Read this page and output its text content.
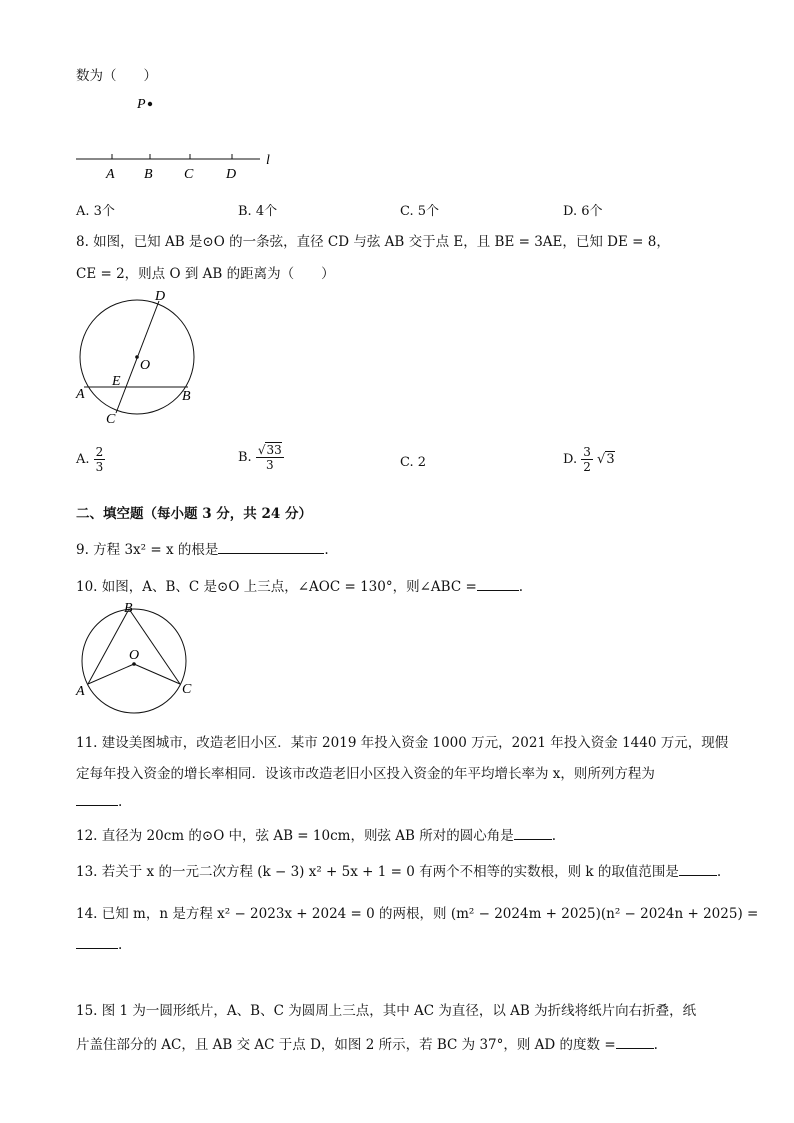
数为（　　）
P
l
A B C D
A. 3个	B. 4个	C. 5个	D. 6个
8. 如图，已知 AB 是⊙O 的一条弦，直径 CD 与弦 AB 交于点 E，且 BE = 3AE，已知 DE = 8，
CE = 2，则点 O 到 AB 的距离为（　　）
D
O
E
A	B
C
A. $\frac{2}{3}$	B. $\frac{√33}{3}$	C. 2	D. $\frac{3}{2} √3$
二、填空题（每小题 3 分，共 24 分）
9. 方程 3x² = x 的根是	.
10. 如图，A、B、C 是⊙O 上三点，∠AOC = 130°，则∠ABC =	.
B
O
A	C
11. 建设美图城市，改造老旧小区．某市 2019 年投入资金 1000 万元，2021 年投入资金 1440 万元，现假
定每年投入资金的增长率相同．设该市改造老旧小区投入资金的年平均增长率为 x，则所列方程为
.
12. 直径为 20cm 的⊙O 中，弦 AB = 10cm，则弦 AB 所对的圆心角是	.
13. 若关于 x 的一元二次方程 (k − 3) x² + 5x + 1 = 0 有两个不相等的实数根，则 k 的取值范围是	.
14. 已知 m，n 是方程 x² − 2023x + 2024 = 0 的两根，则 (m² − 2024m + 2025)(n² − 2024n + 2025) =
.
15. 图 1 为一圆形纸片，A、B、C 为圆周上三点，其中 AC 为直径，以 AB 为折线将纸片向右折叠，纸
片盖住部分的 AC，且 AB 交 AC 于点 D，如图 2 所示，若 BC 为 37°，则 AD 的度数 =	.
